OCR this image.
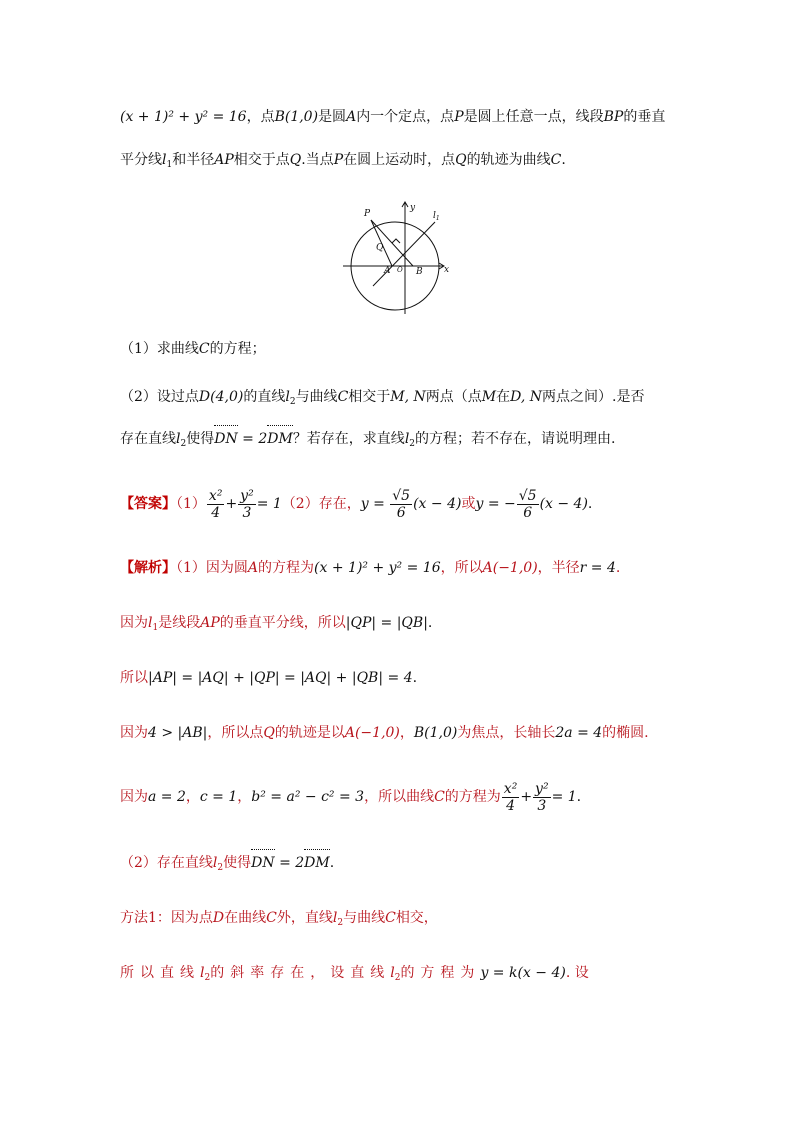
(x + 1)² + y² = 16，点B(1,0)是圆A内一个定点，点P是圆上任意一点，线段BP的垂直
平分线$l_1$和半径AP相交于点Q.当点P在圆上运动时，点Q的轨迹为曲线C.
P
y
$l_1$
Q
A O B x
（1）求曲线C的方程；
（2）设过点D(4,0)的直线$l_2$与曲线C相交于M, N两点（点M在D, N两点之间）.是否
存在直线$l_2$使得DN = 2DM？若存在，求直线$l_2$的方程；若不存在，请说明理由.
【答案】$(1) \frac{\text{x²}}{4} + \frac{\text{y²}}{3} = 1(2)$存在，$y = \frac{√5}{6} (x - 4)$或y = − $\frac{√5}{6} (x - 4)$.
【解析】（1）因为圆A的方程为(x + 1)² + y² = 16，所以A(−1,0)，半径r = 4.
因为$l_1$是线段AP的垂直平分线，所以|QP| = |QB|.
所以|AP| = |AQ| + |QP| = |AQ| + |QB| = 4.
因为4 > |AB|，所以点Q的轨迹是以A(−1,0)，B(1,0)为焦点，长轴长2a = 4的椭圆.
因为a = 2，c = 1，b² = a² − c² = 3，所以曲线C的方程为 $\frac{\text{x²}}{4} + \frac{\text{y²}}{3} = 1$.
（2）存在直线$l_2$使得DN = 2DM.
方法1：因为点D在曲线C外，直线$l_2$与曲线C相交，
所以直线$l_2$的斜率存在，设直线$l_2$的方程为y = k(x − 4). 设
